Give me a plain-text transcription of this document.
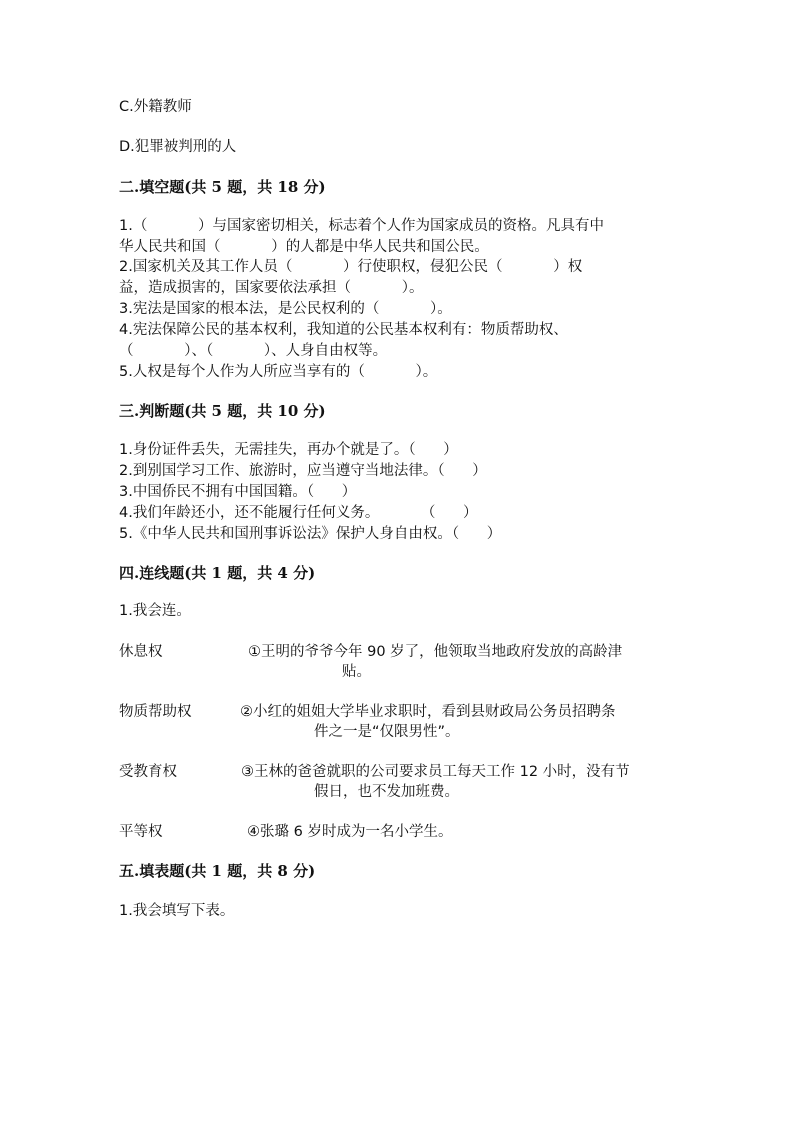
C.外籍教师
D.犯罪被判刑的人
二.填空题(共 5 题，共 18 分)
1.（           ）与国家密切相关，标志着个人作为国家成员的资格。凡具有中
华人民共和国（           ）的人都是中华人民共和国公民。
2.国家机关及其工作人员（           ）行使职权，侵犯公民（           ）权
益，造成损害的，国家要依法承担（           ）。
3.宪法是国家的根本法，是公民权利的（           ）。
4.宪法保障公民的基本权利，我知道的公民基本权利有：物质帮助权、
（           ）、（           ）、人身自由权等。
5.人权是每个人作为人所应当享有的（           ）。
三.判断题(共 5 题，共 10 分)
1.身份证件丢失，无需挂失，再办个就是了。（      ）
2.到别国学习工作、旅游时，应当遵守当地法律。（      ）
3.中国侨民不拥有中国国籍。（      ）
4.我们年龄还小，还不能履行任何义务。         （      ）
5.《中华人民共和国刑事诉讼法》保护人身自由权。（      ）
四.连线题(共 1 题，共 4 分)
1.我会连。
休息权	①王明的爷爷今年 90 岁了，他领取当地政府发放的高龄津
贴。
物质帮助权	②小红的姐姐大学毕业求职时，看到县财政局公务员招聘条
件之一是“仅限男性”。
受教育权	③王林的爸爸就职的公司要求员工每天工作 12 小时，没有节
假日，也不发加班费。
平等权	④张璐 6 岁时成为一名小学生。
五.填表题(共 1 题，共 8 分)
1.我会填写下表。
